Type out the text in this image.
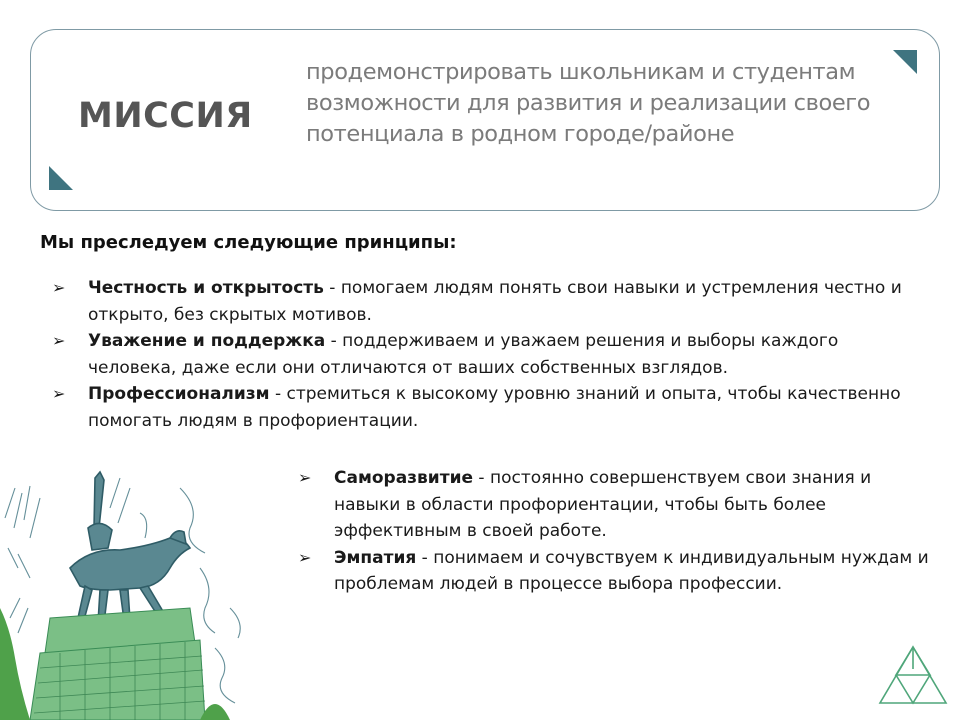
МИССИЯ
продемонстрировать школьникам и студентам возможности для развития и реализации своего потенциала в родном городе/районе
Мы преследуем следующие принципы:

➢ Честность и открытость - помогаем людям понять свои навыки и устремления честно и открыто, без скрытых мотивов.

➢ Уважение и поддержка - поддерживаем и уважаем решения и выборы каждого человека, даже если они отличаются от ваших собственных взглядов.

➢ Профессионализм - стремиться к высокому уровню знаний и опыта, чтобы качественно помогать людям в профориентации.

➢ Саморазвитие - постоянно совершенствуем свои знания и навыки в области профориентации, чтобы быть более эффективным в своей работе.

➢ Эмпатия - понимаем и сочувствуем к индивидуальным нуждам и проблемам людей в процессе выбора профессии.
